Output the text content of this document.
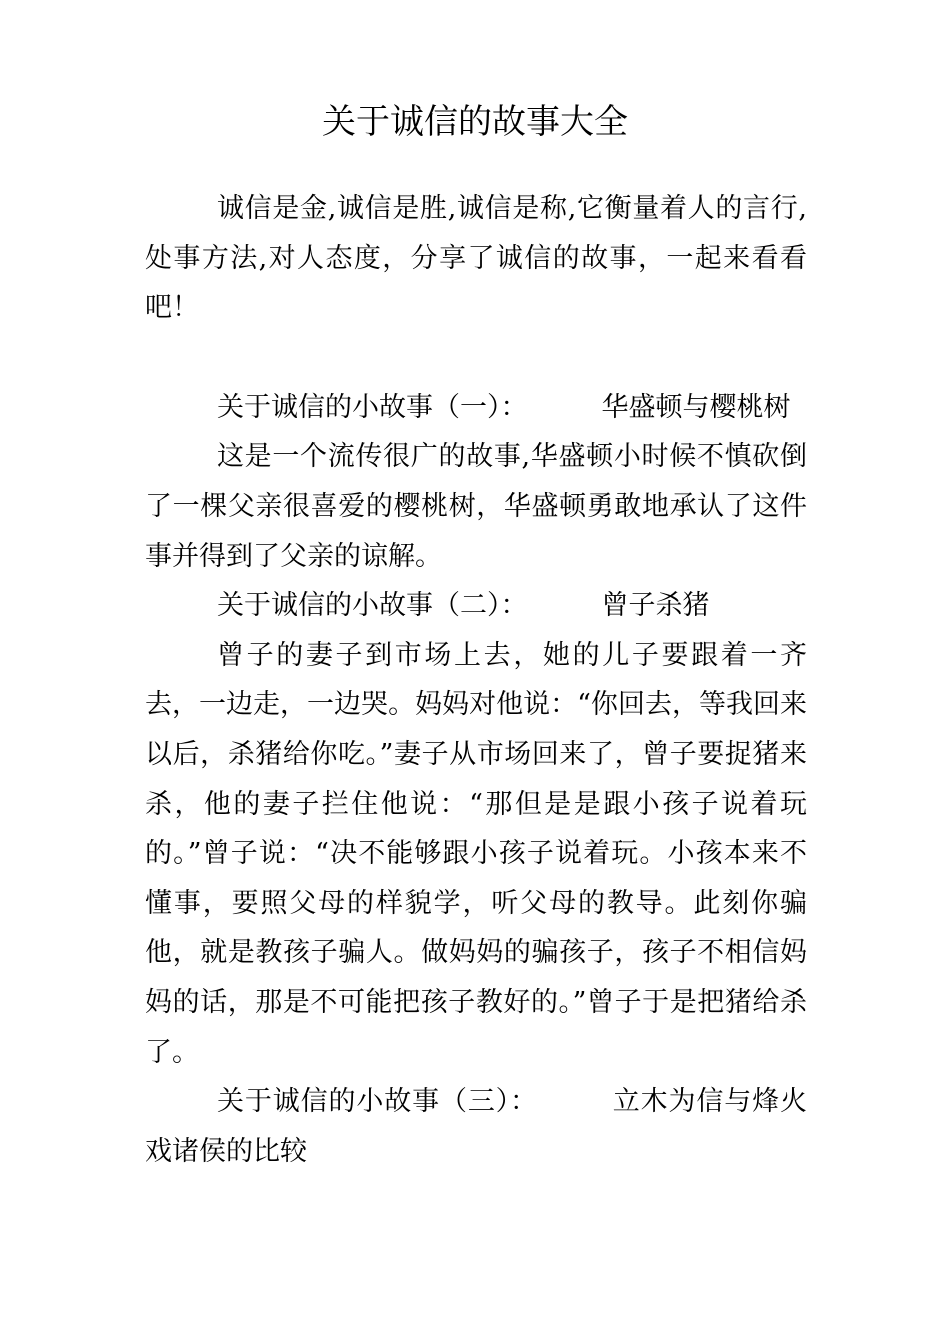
关于诚信的故事大全

诚信是金,诚信是胜,诚信是称,它衡量着人的言行,处事方法,对人态度，分享了诚信的故事，一起来看看吧！

关于诚信的小故事（一）：	华盛顿与樱桃树

这是一个流传很广的故事,华盛顿小时候不慎砍倒了一棵父亲很喜爱的樱桃树，华盛顿勇敢地承认了这件事并得到了父亲的谅解。

关于诚信的小故事（二）：	曾子杀猪

曾子的妻子到市场上去，她的儿子要跟着一齐去，一边走，一边哭。妈妈对他说：“你回去，等我回来以后，杀猪给你吃。”妻子从市场回来了，曾子要捉猪来杀，他的妻子拦住他说：“那但是是跟小孩子说着玩的。”曾子说：“决不能够跟小孩子说着玩。小孩本来不懂事，要照父母的样貌学，听父母的教导。此刻你骗他，就是教孩子骗人。做妈妈的骗孩子，孩子不相信妈妈的话，那是不可能把孩子教好的。”曾子于是把猪给杀了。

关于诚信的小故事（三）：	立木为信与烽火戏诸侯的比较
